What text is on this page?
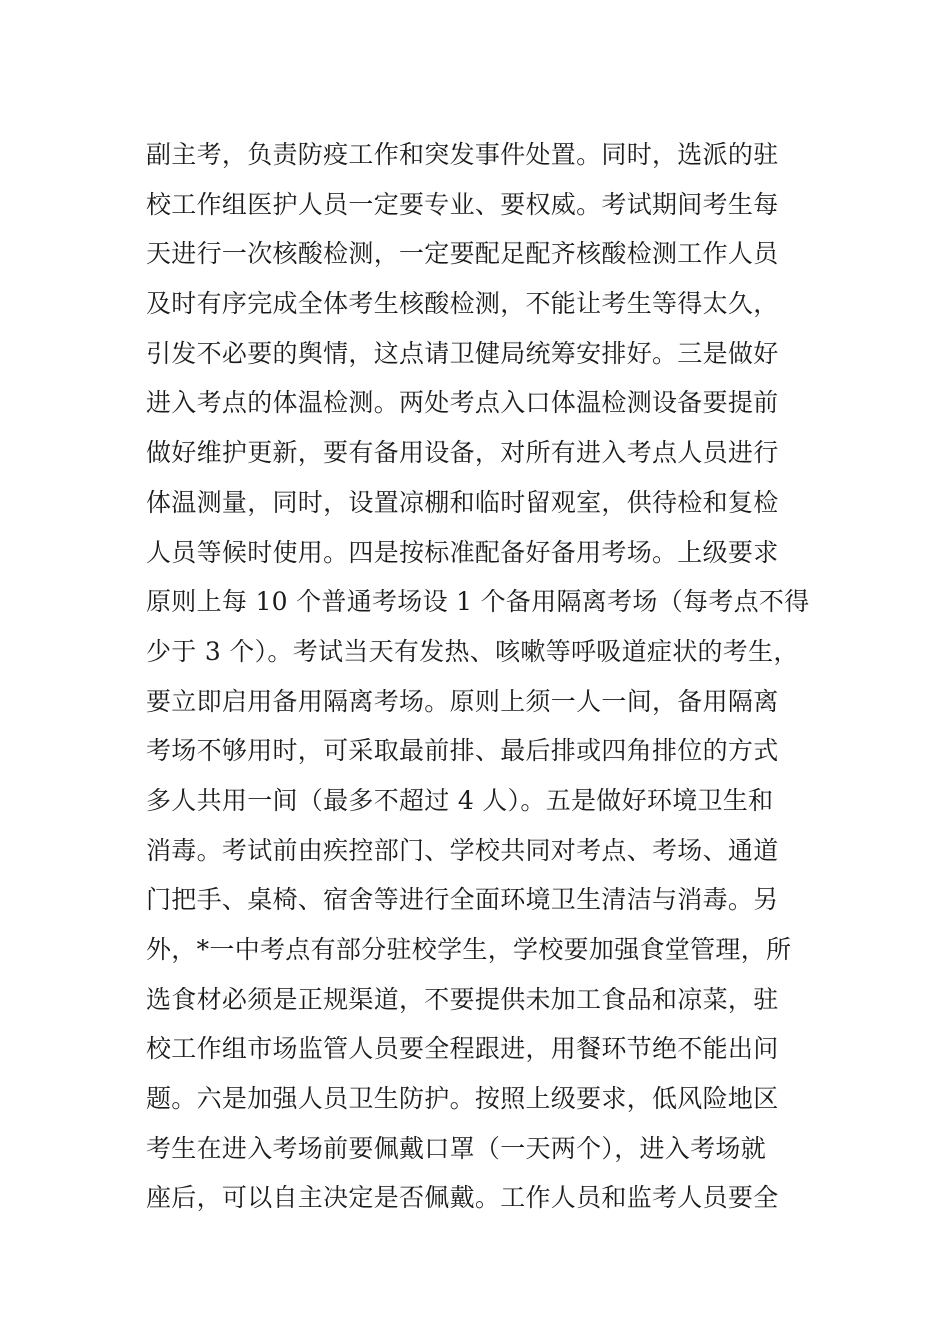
副主考，负责防疫工作和突发事件处置。同时，选派的驻
校工作组医护人员一定要专业、要权威。考试期间考生每
天进行一次核酸检测，一定要配足配齐核酸检测工作人员
及时有序完成全体考生核酸检测，不能让考生等得太久，
引发不必要的舆情，这点请卫健局统筹安排好。三是做好
进入考点的体温检测。两处考点入口体温检测设备要提前
做好维护更新，要有备用设备，对所有进入考点人员进行
体温测量，同时，设置凉棚和临时留观室，供待检和复检
人员等候时使用。四是按标准配备好备用考场。上级要求
原则上每 10 个普通考场设 1 个备用隔离考场（每考点不得
少于 3 个）。考试当天有发热、咳嗽等呼吸道症状的考生，
要立即启用备用隔离考场。原则上须一人一间，备用隔离
考场不够用时，可采取最前排、最后排或四角排位的方式
多人共用一间（最多不超过 4 人）。五是做好环境卫生和
消毒。考试前由疾控部门、学校共同对考点、考场、通道
门把手、桌椅、宿舍等进行全面环境卫生清洁与消毒。另
外，*一中考点有部分驻校学生，学校要加强食堂管理，所
选食材必须是正规渠道，不要提供未加工食品和凉菜，驻
校工作组市场监管人员要全程跟进，用餐环节绝不能出问
题。六是加强人员卫生防护。按照上级要求，低风险地区
考生在进入考场前要佩戴口罩（一天两个），进入考场就
座后，可以自主决定是否佩戴。工作人员和监考人员要全
